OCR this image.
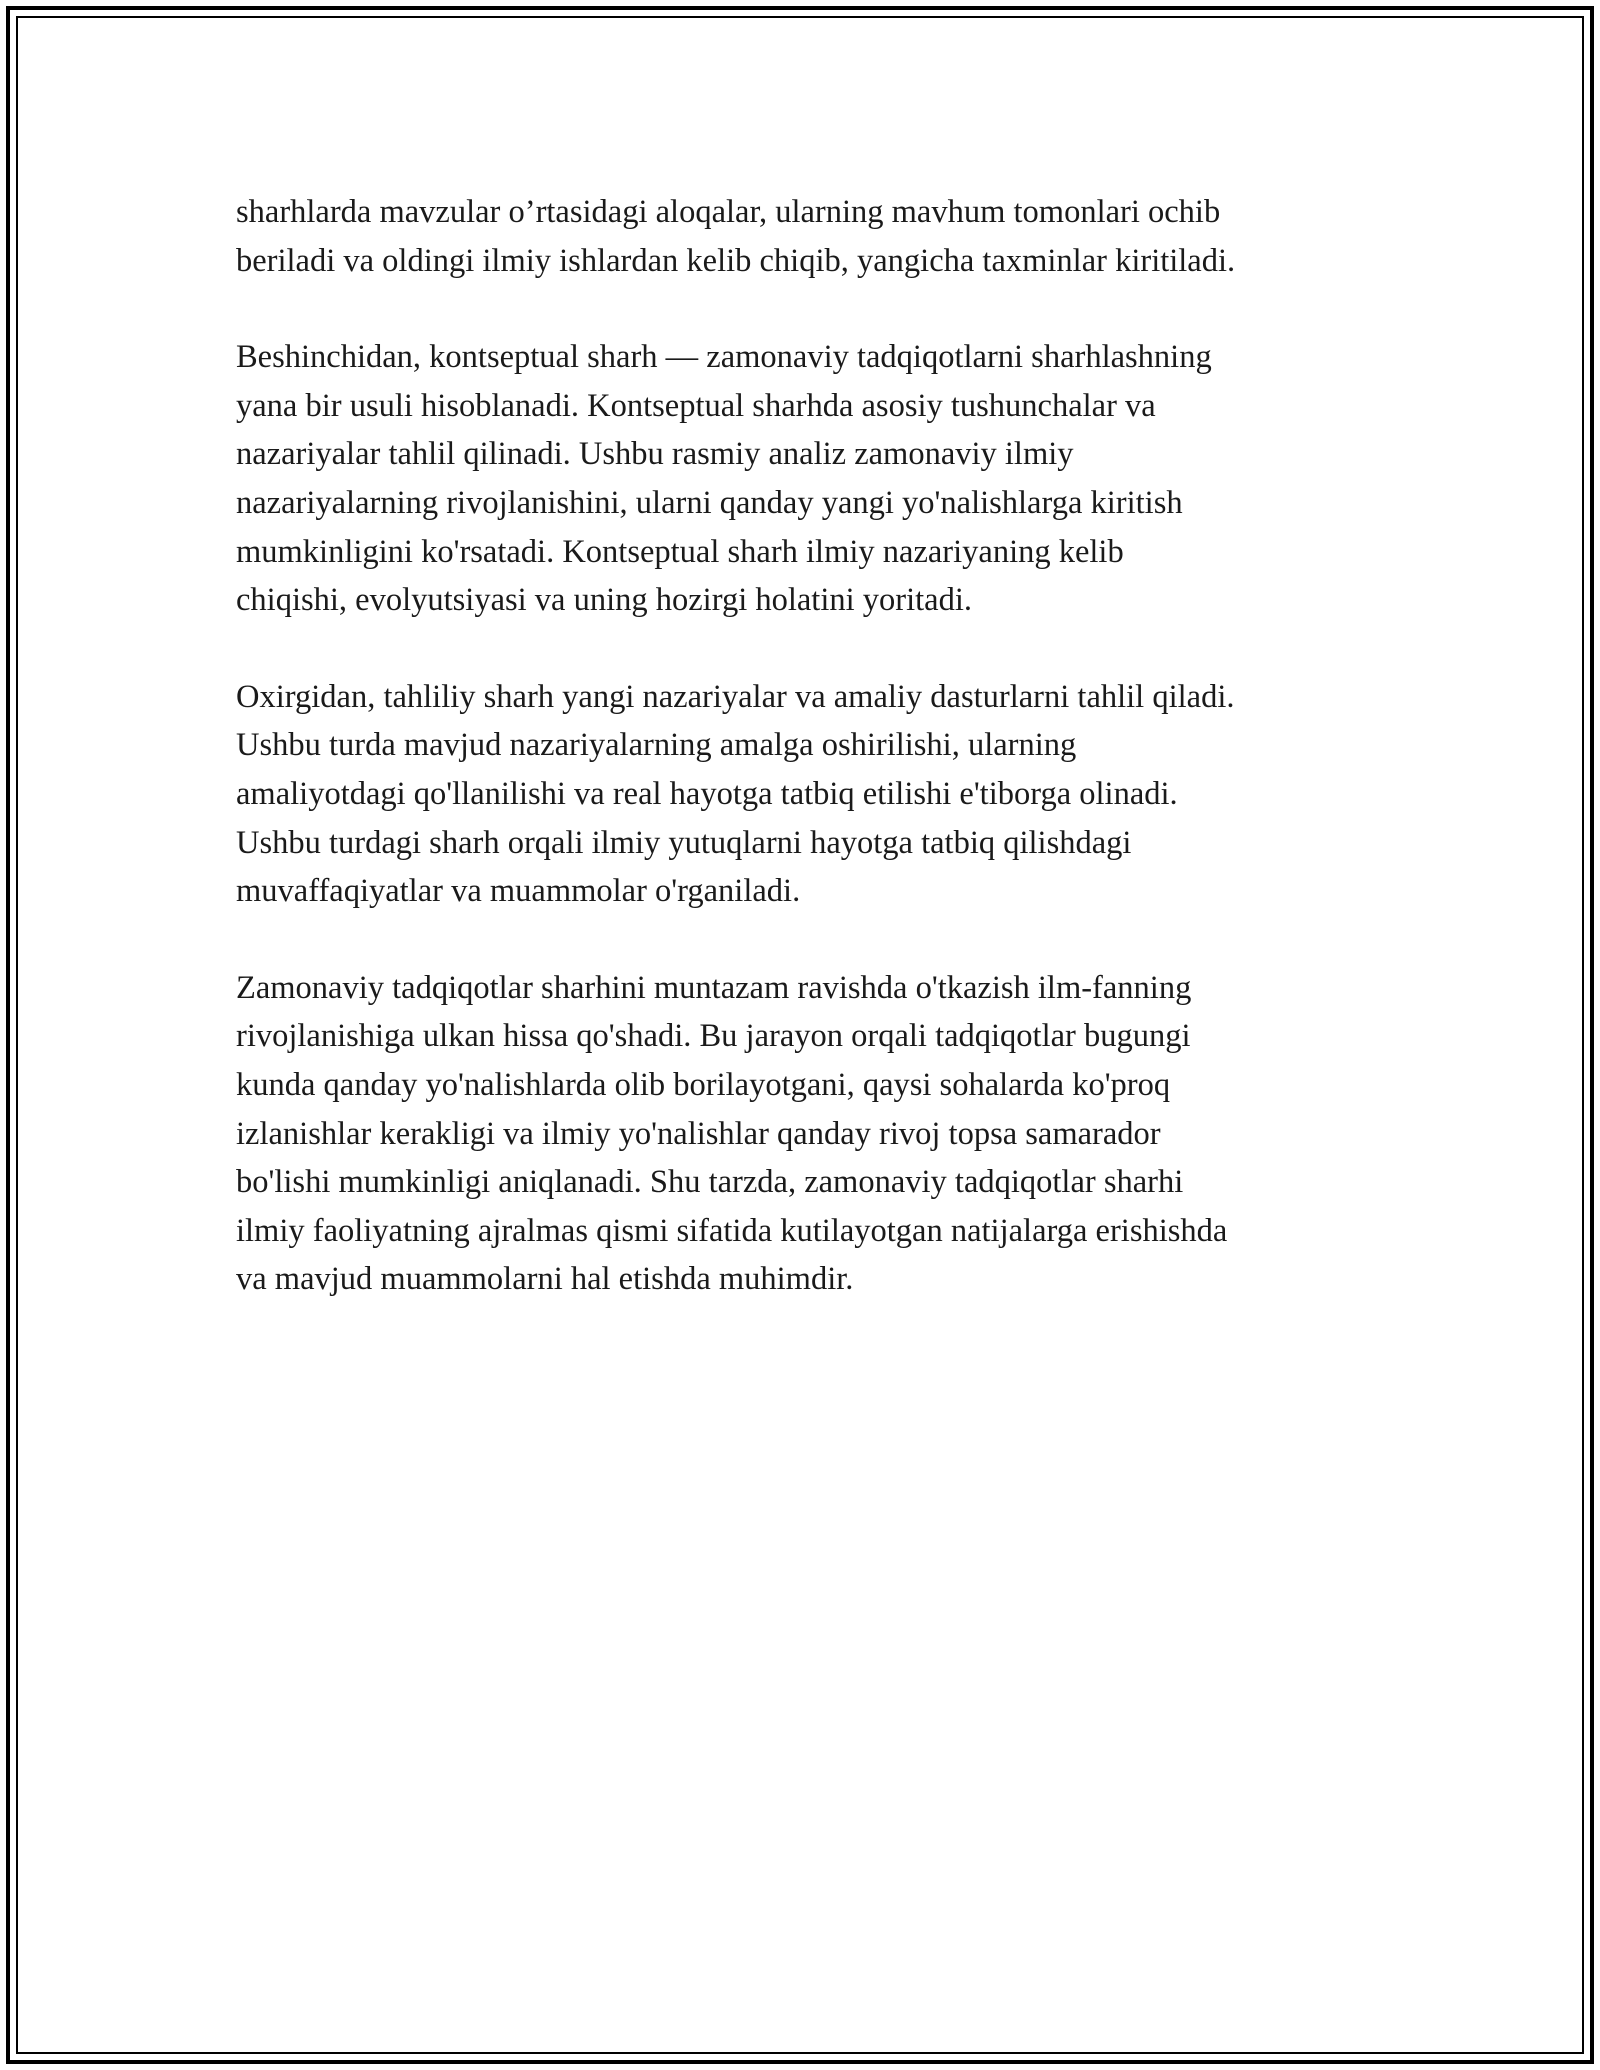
sharhlarda mavzular o’rtasidagi aloqalar, ularning mavhum tomonlari ochib
beriladi va oldingi ilmiy ishlardan kelib chiqib, yangicha taxminlar kiritiladi.

Beshinchidan, kontseptual sharh — zamonaviy tadqiqotlarni sharhlashning
yana bir usuli hisoblanadi. Kontseptual sharhda asosiy tushunchalar va
nazariyalar tahlil qilinadi. Ushbu rasmiy analiz zamonaviy ilmiy
nazariyalarning rivojlanishini, ularni qanday yangi yo'nalishlarga kiritish
mumkinligini ko'rsatadi. Kontseptual sharh ilmiy nazariyaning kelib
chiqishi, evolyutsiyasi va uning hozirgi holatini yoritadi.

Oxirgidan, tahliliy sharh yangi nazariyalar va amaliy dasturlarni tahlil qiladi.
Ushbu turda mavjud nazariyalarning amalga oshirilishi, ularning
amaliyotdagi qo'llanilishi va real hayotga tatbiq etilishi e'tiborga olinadi.
Ushbu turdagi sharh orqali ilmiy yutuqlarni hayotga tatbiq qilishdagi
muvaffaqiyatlar va muammolar o'rganiladi.

Zamonaviy tadqiqotlar sharhini muntazam ravishda o'tkazish ilm-fanning
rivojlanishiga ulkan hissa qo'shadi. Bu jarayon orqali tadqiqotlar bugungi
kunda qanday yo'nalishlarda olib borilayotgani, qaysi sohalarda ko'proq
izlanishlar kerakligi va ilmiy yo'nalishlar qanday rivoj topsa samarador
bo'lishi mumkinligi aniqlanadi. Shu tarzda, zamonaviy tadqiqotlar sharhi
ilmiy faoliyatning ajralmas qismi sifatida kutilayotgan natijalarga erishishda
va mavjud muammolarni hal etishda muhimdir.
